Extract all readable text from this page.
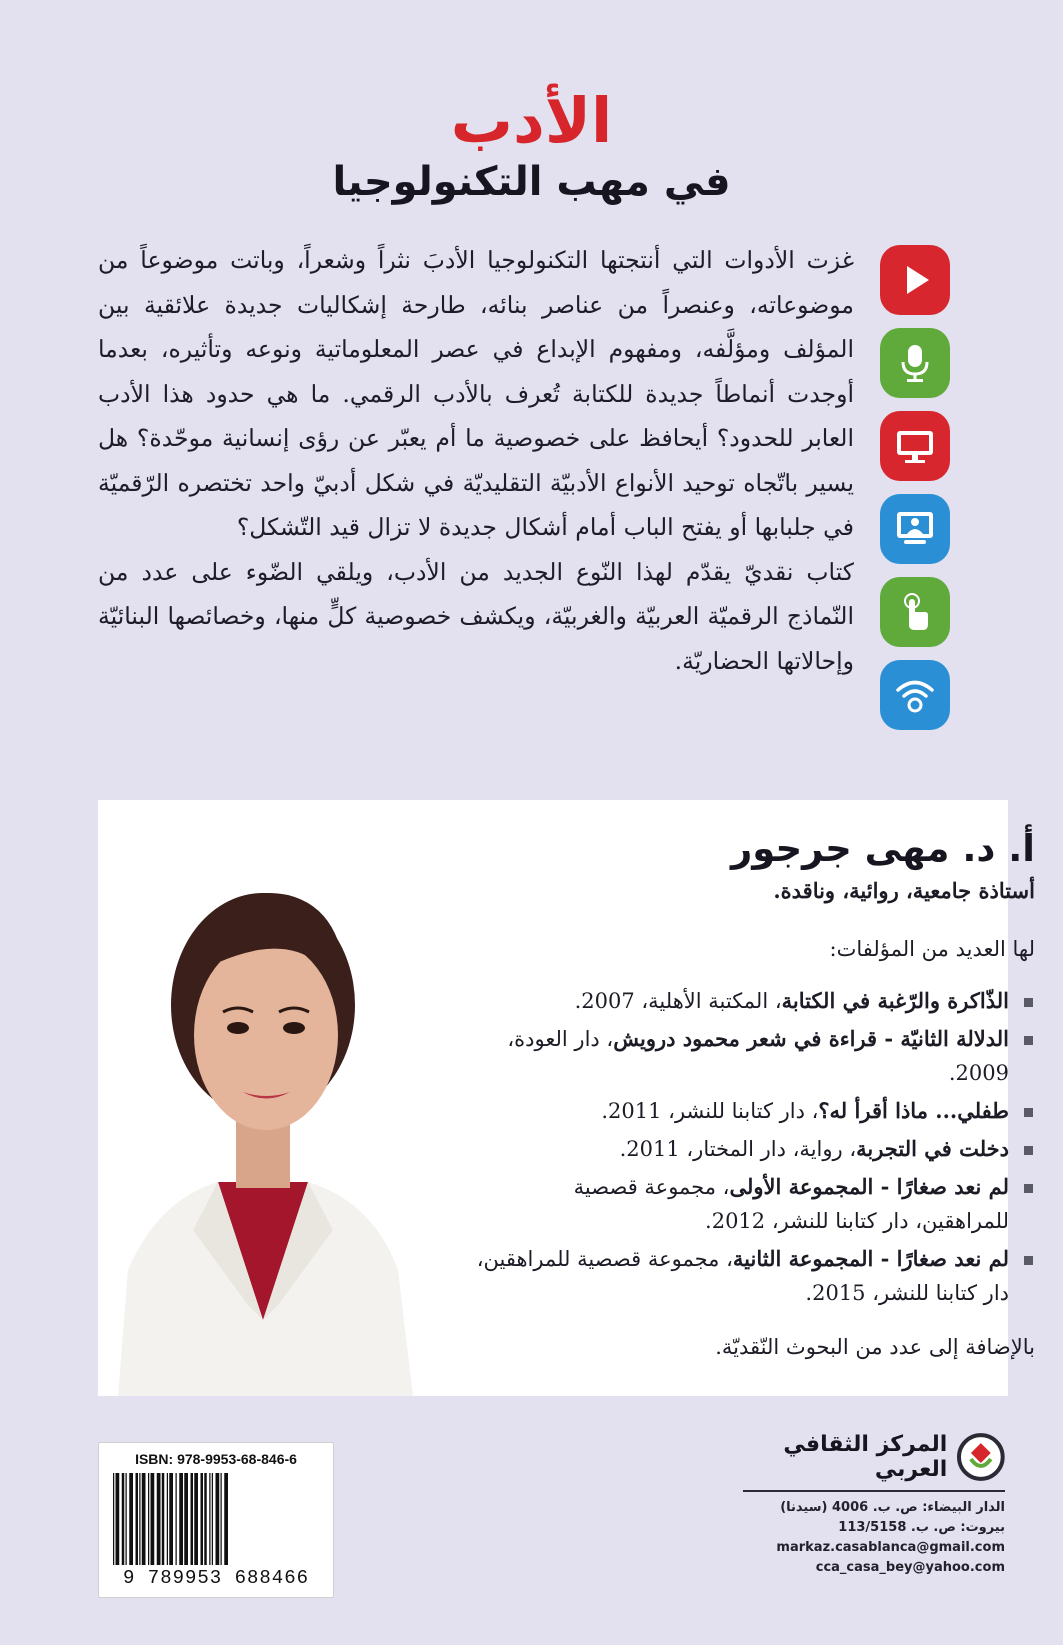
الأدب
في مهب التكنولوجيا

غزت الأدوات التي أنتجتها التكنولوجيا الأدبَ نثراً وشعراً، وباتت موضوعاً من موضوعاته، وعنصراً من عناصر بنائه، طارحة إشكاليات جديدة علائقية بين المؤلف ومؤلَّفه، ومفهوم الإبداع في عصر المعلوماتية ونوعه وتأثيره، بعدما أوجدت أنماطاً جديدة للكتابة تُعرف بالأدب الرقمي. ما هي حدود هذا الأدب العابر للحدود؟ أيحافظ على خصوصية ما أم يعبّر عن رؤى إنسانية موحّدة؟ هل يسير باتّجاه توحيد الأنواع الأدبيّة التقليديّة في شكل أدبيّ واحد تختصره الرّقميّة في جلبابها أو يفتح الباب أمام أشكال جديدة لا تزال قيد التّشكل؟

كتاب نقديّ يقدّم لهذا النّوع الجديد من الأدب، ويلقي الضّوء على عدد من النّماذج الرقميّة العربيّة والغربيّة، ويكشف خصوصية كلٍّ منها، وخصائصها البنائيّة وإحالاتها الحضاريّة.

أ. د. مهى جرجور
أستاذة جامعية، روائية، وناقدة.
لها العديد من المؤلفات:
الذّاكرة والرّغبة في الكتابة، المكتبة الأهلية، 2007.
الدلالة الثانيّة - قراءة في شعر محمود درويش، دار العودة، 2009.
طفلي... ماذا أقرأ له؟، دار كتابنا للنشر، 2011.
دخلت في التجربة، رواية، دار المختار، 2011.
لم نعد صغارًا - المجموعة الأولى، مجموعة قصصية للمراهقين، دار كتابنا للنشر، 2012.
لم نعد صغارًا - المجموعة الثانية، مجموعة قصصية للمراهقين، دار كتابنا للنشر، 2015.
بالإضافة إلى عدد من البحوث النّقديّة.
ISBN: 978-9953-68-846-6
9 789953 688466
المركز الثقافي العربي
الدار البيضاء: ص. ب. 4006 (سيدنا)
بيروت: ص. ب. 113/5158
markaz.casablanca@gmail.com
cca_casa_bey@yahoo.com
